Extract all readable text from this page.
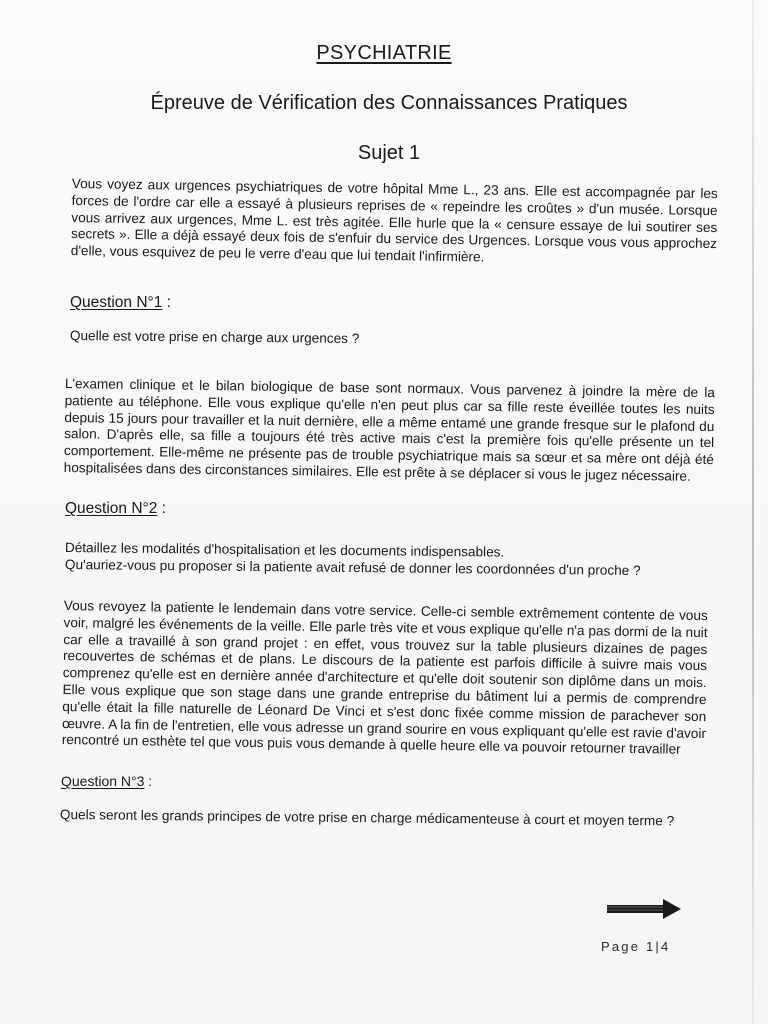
PSYCHIATRIE
Épreuve de Vérification des Connaissances Pratiques
Sujet 1

Vous voyez aux urgences psychiatriques de votre hôpital Mme L., 23 ans. Elle est accompagnée par les forces de l'ordre car elle a essayé à plusieurs reprises de « repeindre les croûtes » d'un musée. Lorsque vous arrivez aux urgences, Mme L. est très agitée. Elle hurle que la « censure essaye de lui soutirer ses secrets ». Elle a déjà essayé deux fois de s'enfuir du service des Urgences. Lorsque vous vous approchez d'elle, vous esquivez de peu le verre d'eau que lui tendait l'infirmière.

Question N°1 :

Quelle est votre prise en charge aux urgences ?

L'examen clinique et le bilan biologique de base sont normaux. Vous parvenez à joindre la mère de la patiente au téléphone. Elle vous explique qu'elle n'en peut plus car sa fille reste éveillée toutes les nuits depuis 15 jours pour travailler et la nuit dernière, elle a même entamé une grande fresque sur le plafond du salon. D'après elle, sa fille a toujours été très active mais c'est la première fois qu'elle présente un tel comportement. Elle-même ne présente pas de trouble psychiatrique mais sa sœur et sa mère ont déjà été hospitalisées dans des circonstances similaires. Elle est prête à se déplacer si vous le jugez nécessaire.

Question N°2 :

Détaillez les modalités d'hospitalisation et les documents indispensables.

Qu'auriez-vous pu proposer si la patiente avait refusé de donner les coordonnées d'un proche ?

Vous revoyez la patiente le lendemain dans votre service. Celle-ci semble extrêmement contente de vous voir, malgré les événements de la veille. Elle parle très vite et vous explique qu'elle n'a pas dormi de la nuit car elle a travaillé à son grand projet : en effet, vous trouvez sur la table plusieurs dizaines de pages recouvertes de schémas et de plans. Le discours de la patiente est parfois difficile à suivre mais vous comprenez qu'elle est en dernière année d'architecture et qu'elle doit soutenir son diplôme dans un mois. Elle vous explique que son stage dans une grande entreprise du bâtiment lui a permis de comprendre qu'elle était la fille naturelle de Léonard De Vinci et s'est donc fixée comme mission de parachever son œuvre. A la fin de l'entretien, elle vous adresse un grand sourire en vous expliquant qu'elle est ravie d'avoir rencontré un esthète tel que vous puis vous demande à quelle heure elle va pouvoir retourner travailler

Question N°3 :

Quels seront les grands principes de votre prise en charge médicamenteuse à court et moyen terme ?

Page 1|4
